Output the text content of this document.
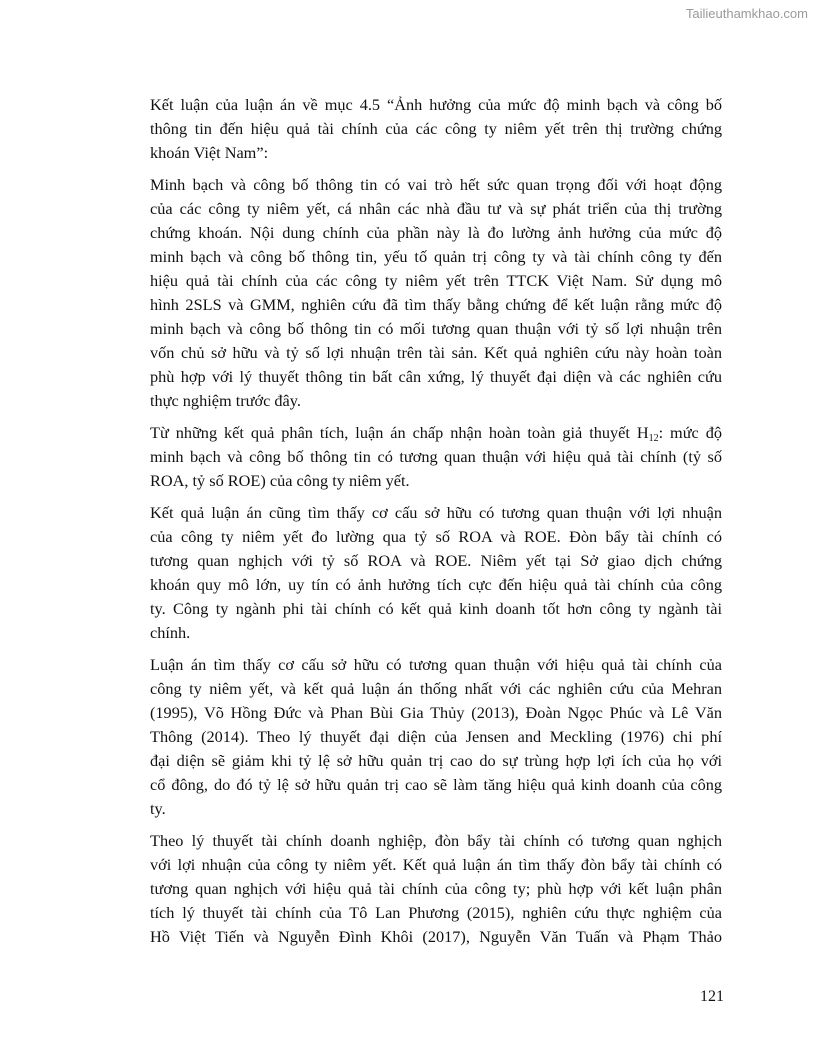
Tailieuthamkhao.com
Kết luận của luận án về mục 4.5 “Ảnh hưởng của mức độ minh bạch và công bố
thông tin đến hiệu quả tài chính của các công ty niêm yết trên thị trường chứng
khoán Việt Nam”:
Minh bạch và công bố thông tin có vai trò hết sức quan trọng đối với hoạt động
của các công ty niêm yết, cá nhân các nhà đầu tư và sự phát triển của thị trường
chứng khoán. Nội dung chính của phần này là đo lường ảnh hưởng của mức độ
minh bạch và công bố thông tin, yếu tố quản trị công ty và tài chính công ty đến
hiệu quả tài chính của các công ty niêm yết trên TTCK Việt Nam. Sử dụng mô
hình 2SLS và GMM, nghiên cứu đã tìm thấy bằng chứng để kết luận rằng mức độ
minh bạch và công bố thông tin có mối tương quan thuận với tỷ số lợi nhuận trên
vốn chủ sở hữu và tỷ số lợi nhuận trên tài sản. Kết quả nghiên cứu này hoàn toàn
phù hợp với lý thuyết thông tin bất cân xứng, lý thuyết đại diện và các nghiên cứu
thực nghiệm trước đây.
Từ những kết quả phân tích, luận án chấp nhận hoàn toàn giả thuyết $H_{12}$: mức độ
minh bạch và công bố thông tin có tương quan thuận với hiệu quả tài chính (tỷ số
ROA, tỷ số ROE) của công ty niêm yết.
Kết quả luận án cũng tìm thấy cơ cấu sở hữu có tương quan thuận với lợi nhuận
của công ty niêm yết đo lường qua tỷ số ROA và ROE. Đòn bẩy tài chính có
tương quan nghịch với tỷ số ROA và ROE. Niêm yết tại Sở giao dịch chứng
khoán quy mô lớn, uy tín có ảnh hưởng tích cực đến hiệu quả tài chính của công
ty. Công ty ngành phi tài chính có kết quả kinh doanh tốt hơn công ty ngành tài
chính.
Luận án tìm thấy cơ cấu sở hữu có tương quan thuận với hiệu quả tài chính của
công ty niêm yết, và kết quả luận án thống nhất với các nghiên cứu của Mehran
(1995), Võ Hồng Đức và Phan Bùi Gia Thủy (2013), Đoàn Ngọc Phúc và Lê Văn
Thông (2014). Theo lý thuyết đại diện của Jensen and Meckling (1976) chi phí
đại diện sẽ giảm khi tỷ lệ sở hữu quản trị cao do sự trùng hợp lợi ích của họ với
cổ đông, do đó tỷ lệ sở hữu quản trị cao sẽ làm tăng hiệu quả kinh doanh của công
ty.
Theo lý thuyết tài chính doanh nghiệp, đòn bẩy tài chính có tương quan nghịch
với lợi nhuận của công ty niêm yết. Kết quả luận án tìm thấy đòn bẩy tài chính có
tương quan nghịch với hiệu quả tài chính của công ty; phù hợp với kết luận phân
tích lý thuyết tài chính của Tô Lan Phương (2015), nghiên cứu thực nghiệm của
Hồ Việt Tiến và Nguyễn Đình Khôi (2017), Nguyễn Văn Tuấn và Phạm Thảo
121
